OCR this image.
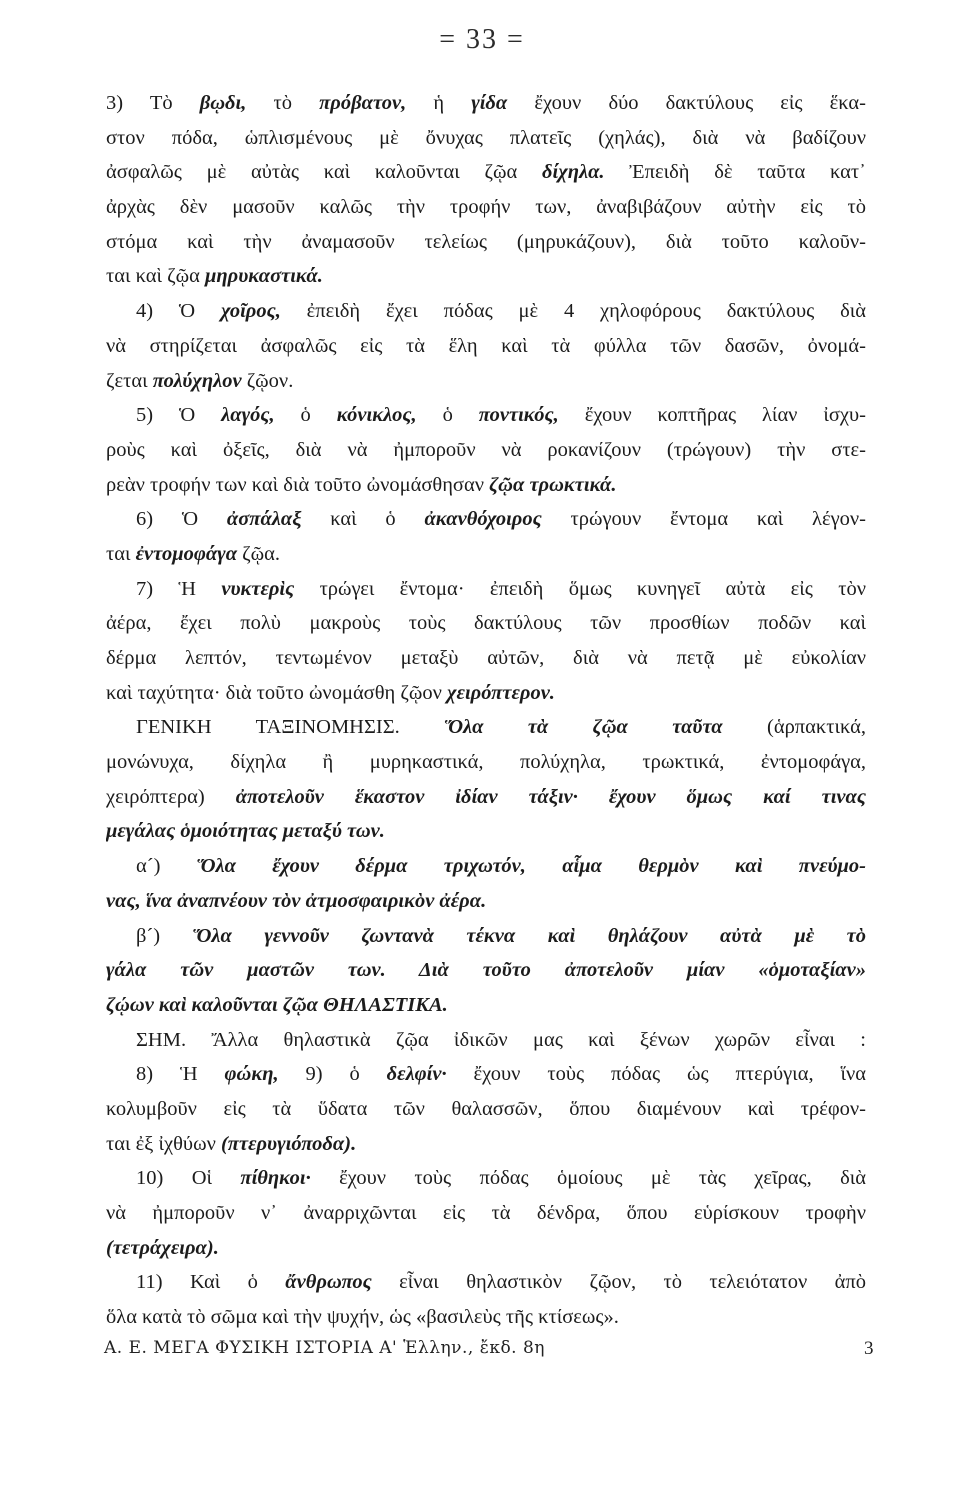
= 33 =
3) Τὸ βῳδι, τὸ πρόβατον, ἡ γίδα ἔχουν δύο δακτύλους εἰς ἕκα-
στον πόδα, ὡπλισμένους μὲ ὄνυχας πλατεῖς (χηλάς), διὰ νὰ βαδίζουν
ἀσφαλῶς μὲ αὐτὰς καὶ καλοῦνται ζῷα δίχηλα. Ἐπειδὴ δὲ ταῦτα κατ᾿
ἀρχὰς δὲν μασοῦν καλῶς τὴν τροφήν των, ἀναβιβάζουν αὐτὴν εἰς τὸ
στόμα καὶ τὴν ἀναμασοῦν τελείως (μηρυκάζουν), διὰ τοῦτο καλοῦν-
ται καὶ ζῷα μηρυκαστικά.
4) Ὁ χοῖρος, ἐπειδὴ ἔχει πόδας μὲ 4 χηλοφόρους δακτύλους διὰ
νὰ στηρίζεται ἀσφαλῶς εἰς τὰ ἕλη καὶ τὰ φύλλα τῶν δασῶν, ὀνομά-
ζεται πολύχηλον ζῷον.
5) Ὁ λαγός, ὁ κόνικλος, ὁ ποντικός, ἔχουν κοπτῆρας λίαν ἰσχυ-
ροὺς καὶ ὀξεῖς, διὰ νὰ ἠμποροῦν νὰ ροκανίζουν (τρώγουν) τὴν στε-
ρεὰν τροφήν των καὶ διὰ τοῦτο ὠνομάσθησαν ζῷα τρωκτικά.
6) Ὁ ἀσπάλαξ καὶ ὁ ἀκανθόχοιρος τρώγουν ἔντομα καὶ λέγον-
ται ἐντομοφάγα ζῷα.
7) Ἡ νυκτερὶς τρώγει ἔντομα· ἐπειδὴ ὅμως κυνηγεῖ αὐτὰ εἰς τὸν
ἀέρα, ἔχει πολὺ μακροὺς τοὺς δακτύλους τῶν προσθίων ποδῶν καὶ
δέρμα λεπτόν, τεντωμένον μεταξὺ αὐτῶν, διὰ νὰ πετᾷ μὲ εὐκολίαν
καὶ ταχύτητα· διὰ τοῦτο ὠνομάσθη ζῷον χειρόπτερον.
ΓΕΝΙΚΗ ΤΑΞΙΝΟΜΗΣΙΣ. Ὅλα τὰ ζῷα ταῦτα (ἁρπακτικά,
μονώνυχα, δίχηλα ἢ μυρηκαστικά, πολύχηλα, τρωκτικά, ἐντομοφάγα,
χειρόπτερα) ἀποτελοῦν ἕκαστον ἰδίαν τάξιν· ἔχουν ὅμως καί τινας
μεγάλας ὁμοιότητας μεταξύ των.
α´) Ὅλα ἔχουν δέρμα τριχωτόν, αἷμα θερμὸν καὶ πνεύμο-
νας, ἵνα ἀναπνέουν τὸν ἀτμοσφαιρικὸν ἀέρα.
β´) Ὅλα γεννοῦν ζωντανὰ τέκνα καὶ θηλάζουν αὐτὰ μὲ τὸ
γάλα τῶν μαστῶν των. Διὰ τοῦτο ἀποτελοῦν μίαν «ὁμοταξίαν»
ζῴων καὶ καλοῦνται ζῷα ΘΗΛΑΣΤΙΚΑ.
ΣΗΜ. Ἄλλα θηλαστικὰ ζῷα ἰδικῶν μας καὶ ξένων χωρῶν εἶναι :
8) Ἡ φώκη, 9) ὁ δελφίν· ἔχουν τοὺς πόδας ὡς πτερύγια, ἵνα
κολυμβοῦν εἰς τὰ ὕδατα τῶν θαλασσῶν, ὅπου διαμένουν καὶ τρέφον-
ται ἐξ ἰχθύων (πτερυγιόποδα).
10) Οἱ πίθηκοι· ἔχουν τοὺς πόδας ὁμοίους μὲ τὰς χεῖρας, διὰ
νὰ ἠμποροῦν ν᾿ ἀναρριχῶνται εἰς τὰ δένδρα, ὅπου εὑρίσκουν τροφὴν
(τετράχειρα).
11) Καὶ ὁ ἄνθρωπος εἶναι θηλαστικὸν ζῷον, τὸ τελειότατον ἀπὸ
ὅλα κατὰ τὸ σῶμα καὶ τὴν ψυχήν, ὡς «βασιλεὺς τῆς κτίσεως».
Α. Ε. ΜΕΓΑ ΦΥΣΙΚΗ ΙΣΤΟΡΙΑ Α' Ἑλλην., ἔκδ. 8η	3
